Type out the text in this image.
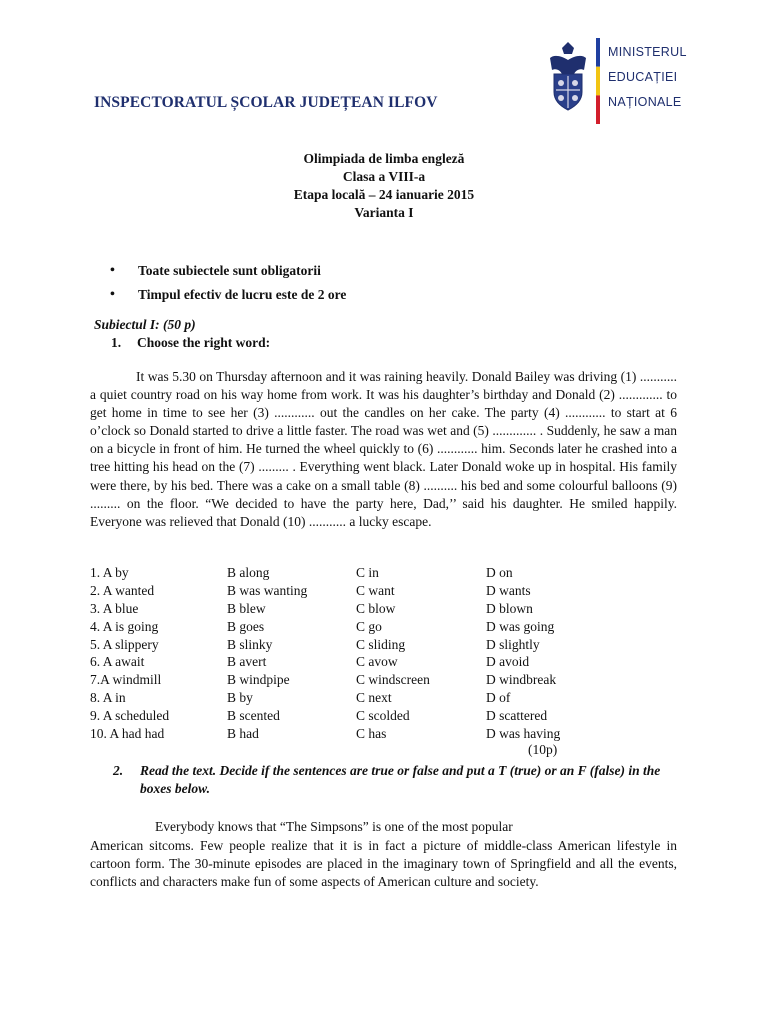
INSPECTORATUL ȘCOLAR JUDEȚEAN ILFOV
MINISTERUL
EDUCAȚIEI
NAȚIONALE
Olimpiada de limba engleză
Clasa a VIII-a
Etapa locală – 24 ianuarie 2015
Varianta I
• Toate subiectele sunt obligatorii
• Timpul efectiv de lucru este de 2 ore
Subiectul I: (50 p)
1. Choose the right word:
It was 5.30 on Thursday afternoon and it was raining heavily. Donald Bailey was driving (1) ........... a quiet country road on his way home from work. It was his daughter’s birthday and Donald (2) ............. to get home in time to see her (3) ............ out the candles on her cake. The party (4) ............ to start at 6 o’clock so Donald started to drive a little faster. The road was wet and (5) ............. . Suddenly, he saw a man on a bicycle in front of him. He turned the wheel quickly to (6) ............ him. Seconds later he crashed into a tree hitting his head on the (7) ......... . Everything went black. Later Donald woke up in hospital. His family were there, by his bed. There was a cake on a small table (8) .......... his bed and some colourful balloons (9) ......... on the floor. “We decided to have the party here, Dad,’’ said his daughter. He smiled happily. Everyone was relieved that Donald (10) ........... a lucky escape.
1. A by	B along	C in	D on
2. A wanted	B was wanting	C want	D wants
3. A blue	B blew	C blow	D blown
4. A is going	B goes	C go	D was going
5. A slippery	B slinky	C sliding	D slightly
6. A await	B avert	C avow	D avoid
7.A windmill	B windpipe	C windscreen	D windbreak
8. A in	B by	C next	D of
9. A scheduled	B scented	C scolded	D scattered
10. A had had	B had	C has	D was having
(10p)
2.	Read the text. Decide if the sentences are true or false and put a T (true) or an F (false) in the boxes below.
Everybody knows that “The Simpsons” is one of the most popular
American sitcoms. Few people realize that it is in fact a picture of middle-class American lifestyle in cartoon form. The 30-minute episodes are placed in the imaginary town of Springfield and all the events, conflicts and characters make fun of some aspects of American culture and society.
